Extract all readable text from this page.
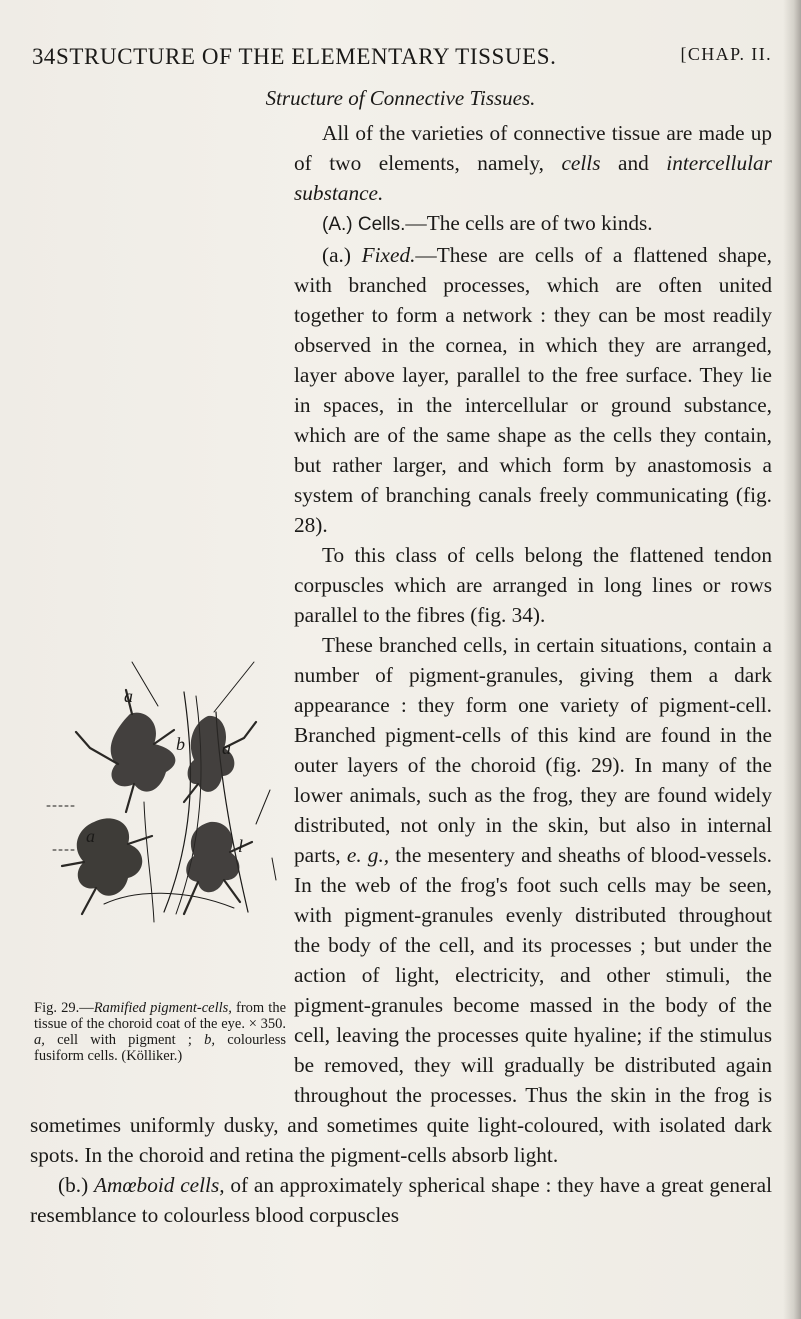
34 STRUCTURE OF THE ELEMENTARY TISSUES.	[CHAP. II.
Structure of Connective Tissues.

All of the varieties of connective tissue are made up of two elements, namely, cells and intercellular substance.

(A.) Cells.—The cells are of two kinds.

(a.) Fixed.—These are cells of a flattened shape, with branched processes, which are often united together to form a network : they can be most readily observed in the cornea, in which they are arranged, layer above layer, parallel to the free surface. They lie in spaces, in the intercellular or ground substance, which are of the same shape as the cells they contain, but rather larger, and which form by anastomosis a system of branching canals freely communicating (fig. 28).

To this class of cells belong the flattened tendon corpuscles which are arranged in long lines or rows parallel to the fibres (fig. 34).

These branched cells, in certain situations, contain a number of pigment-granules, giving them a dark appearance : they form one variety of pigment-cell. Branched pigment-cells of this kind are found in the outer layers of the choroid (fig. 29). In many of the lower animals, such as the frog, they are found widely distributed, not only in the skin, but also in internal parts, e. g., the mesentery and sheaths of blood-vessels. In the web of the frog's foot such cells may be seen, with pigment-granules evenly distributed throughout the body of the cell, and its processes ; but under the action of light, electricity, and other stimuli, the pigment-granules become massed in the body of the cell, leaving the processes quite hyaline; if the stimulus be removed, they will gradually be distributed again throughout the processes. Thus the skin in the frog is sometimes uniformly dusky, and sometimes quite light-coloured, with isolated dark spots. In the choroid and retina the pigment-cells absorb light.

(b.) Amœboid cells, of an approximately spherical shape : they have a great general resemblance to colourless blood corpuscles

a
b a
a	l
Fig. 29.—Ramified pigment-cells, from the tissue of the choroid coat of the eye. × 350. a, cell with pigment ; b, colourless fusiform cells. (Kölliker.)
